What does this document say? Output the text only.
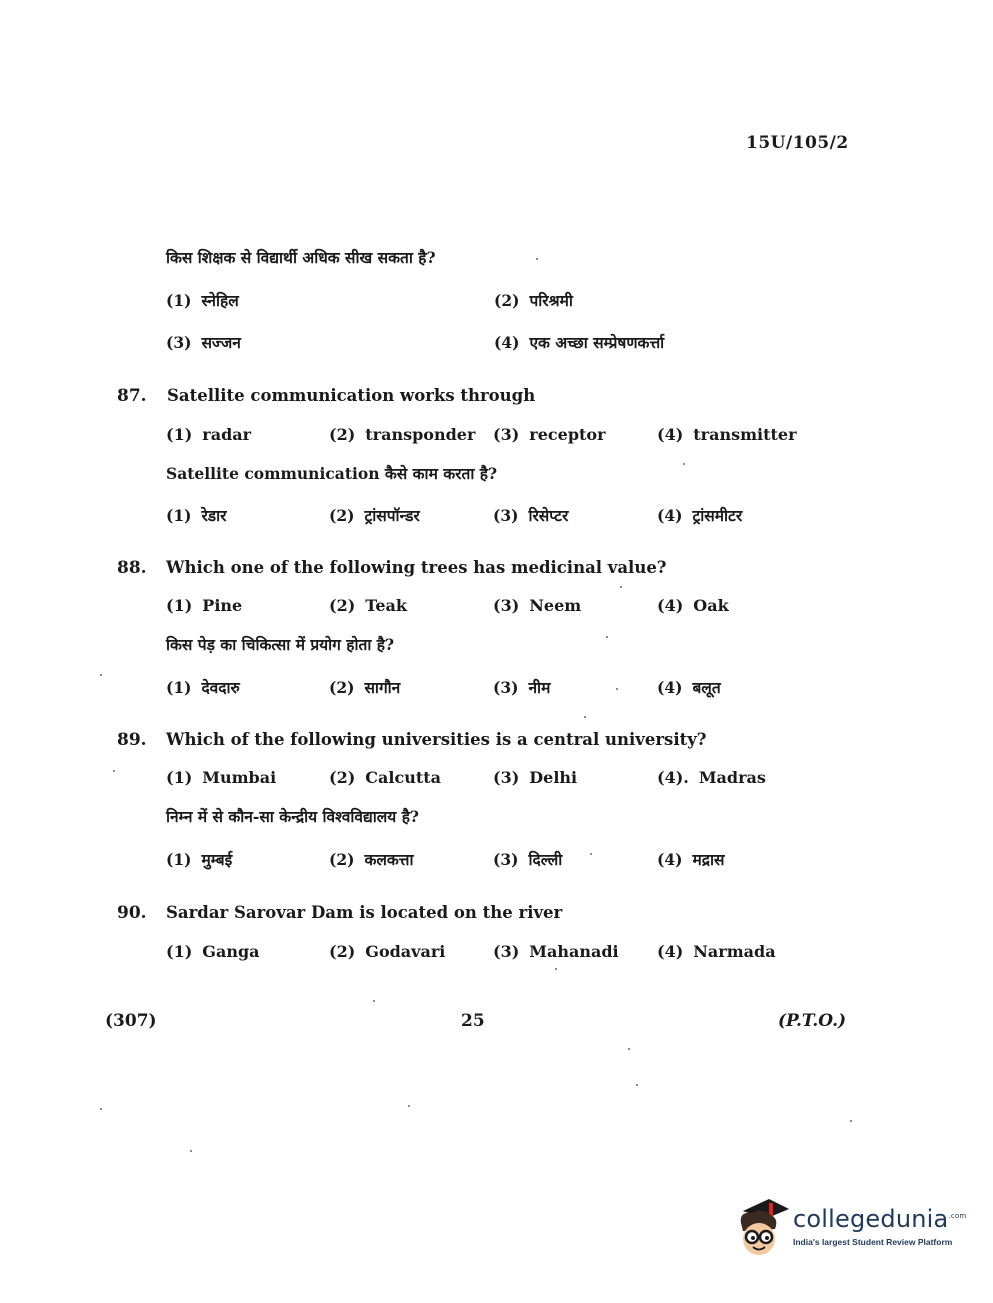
15U/105/2
किस शिक्षक से विद्यार्थी अधिक सीख सकता है?
(1) स्नेहिल	(2) परिश्रमी
(3) सज्जन	(4) एक अच्छा सम्प्रेषणकर्त्ता
87. Satellite communication works through
(1) radar	(2) transponder (3) receptor	(4) transmitter
Satellite communication कैसे काम करता है?
(1) रेडार	(2) ट्रांसपॉन्डर	(3) रिसेप्टर	(4) ट्रांसमीटर
88. Which one of the following trees has medicinal value?
(1) Pine	(2) Teak	(3) Neem	(4) Oak
किस पेड़ का चिकित्सा में प्रयोग होता है?
(1) देवदारु	(2) सागौन	(3) नीम	(4) बलूत
89. Which of the following universities is a central university?
(1) Mumbai	(2) Calcutta	(3) Delhi	(4). Madras
निम्न में से कौन-सा केन्द्रीय विश्वविद्यालय है?
(1) मुम्बई	(2) कलकत्ता	(3) दिल्ली	(4) मद्रास
90. Sardar Sarovar Dam is located on the river
(1) Ganga	(2) Godavari	(3) Mahanadi (4) Narmada
(307)	25	(P.T.O.)
collegedunia$^{.com}$
India's largest Student Review Platform
